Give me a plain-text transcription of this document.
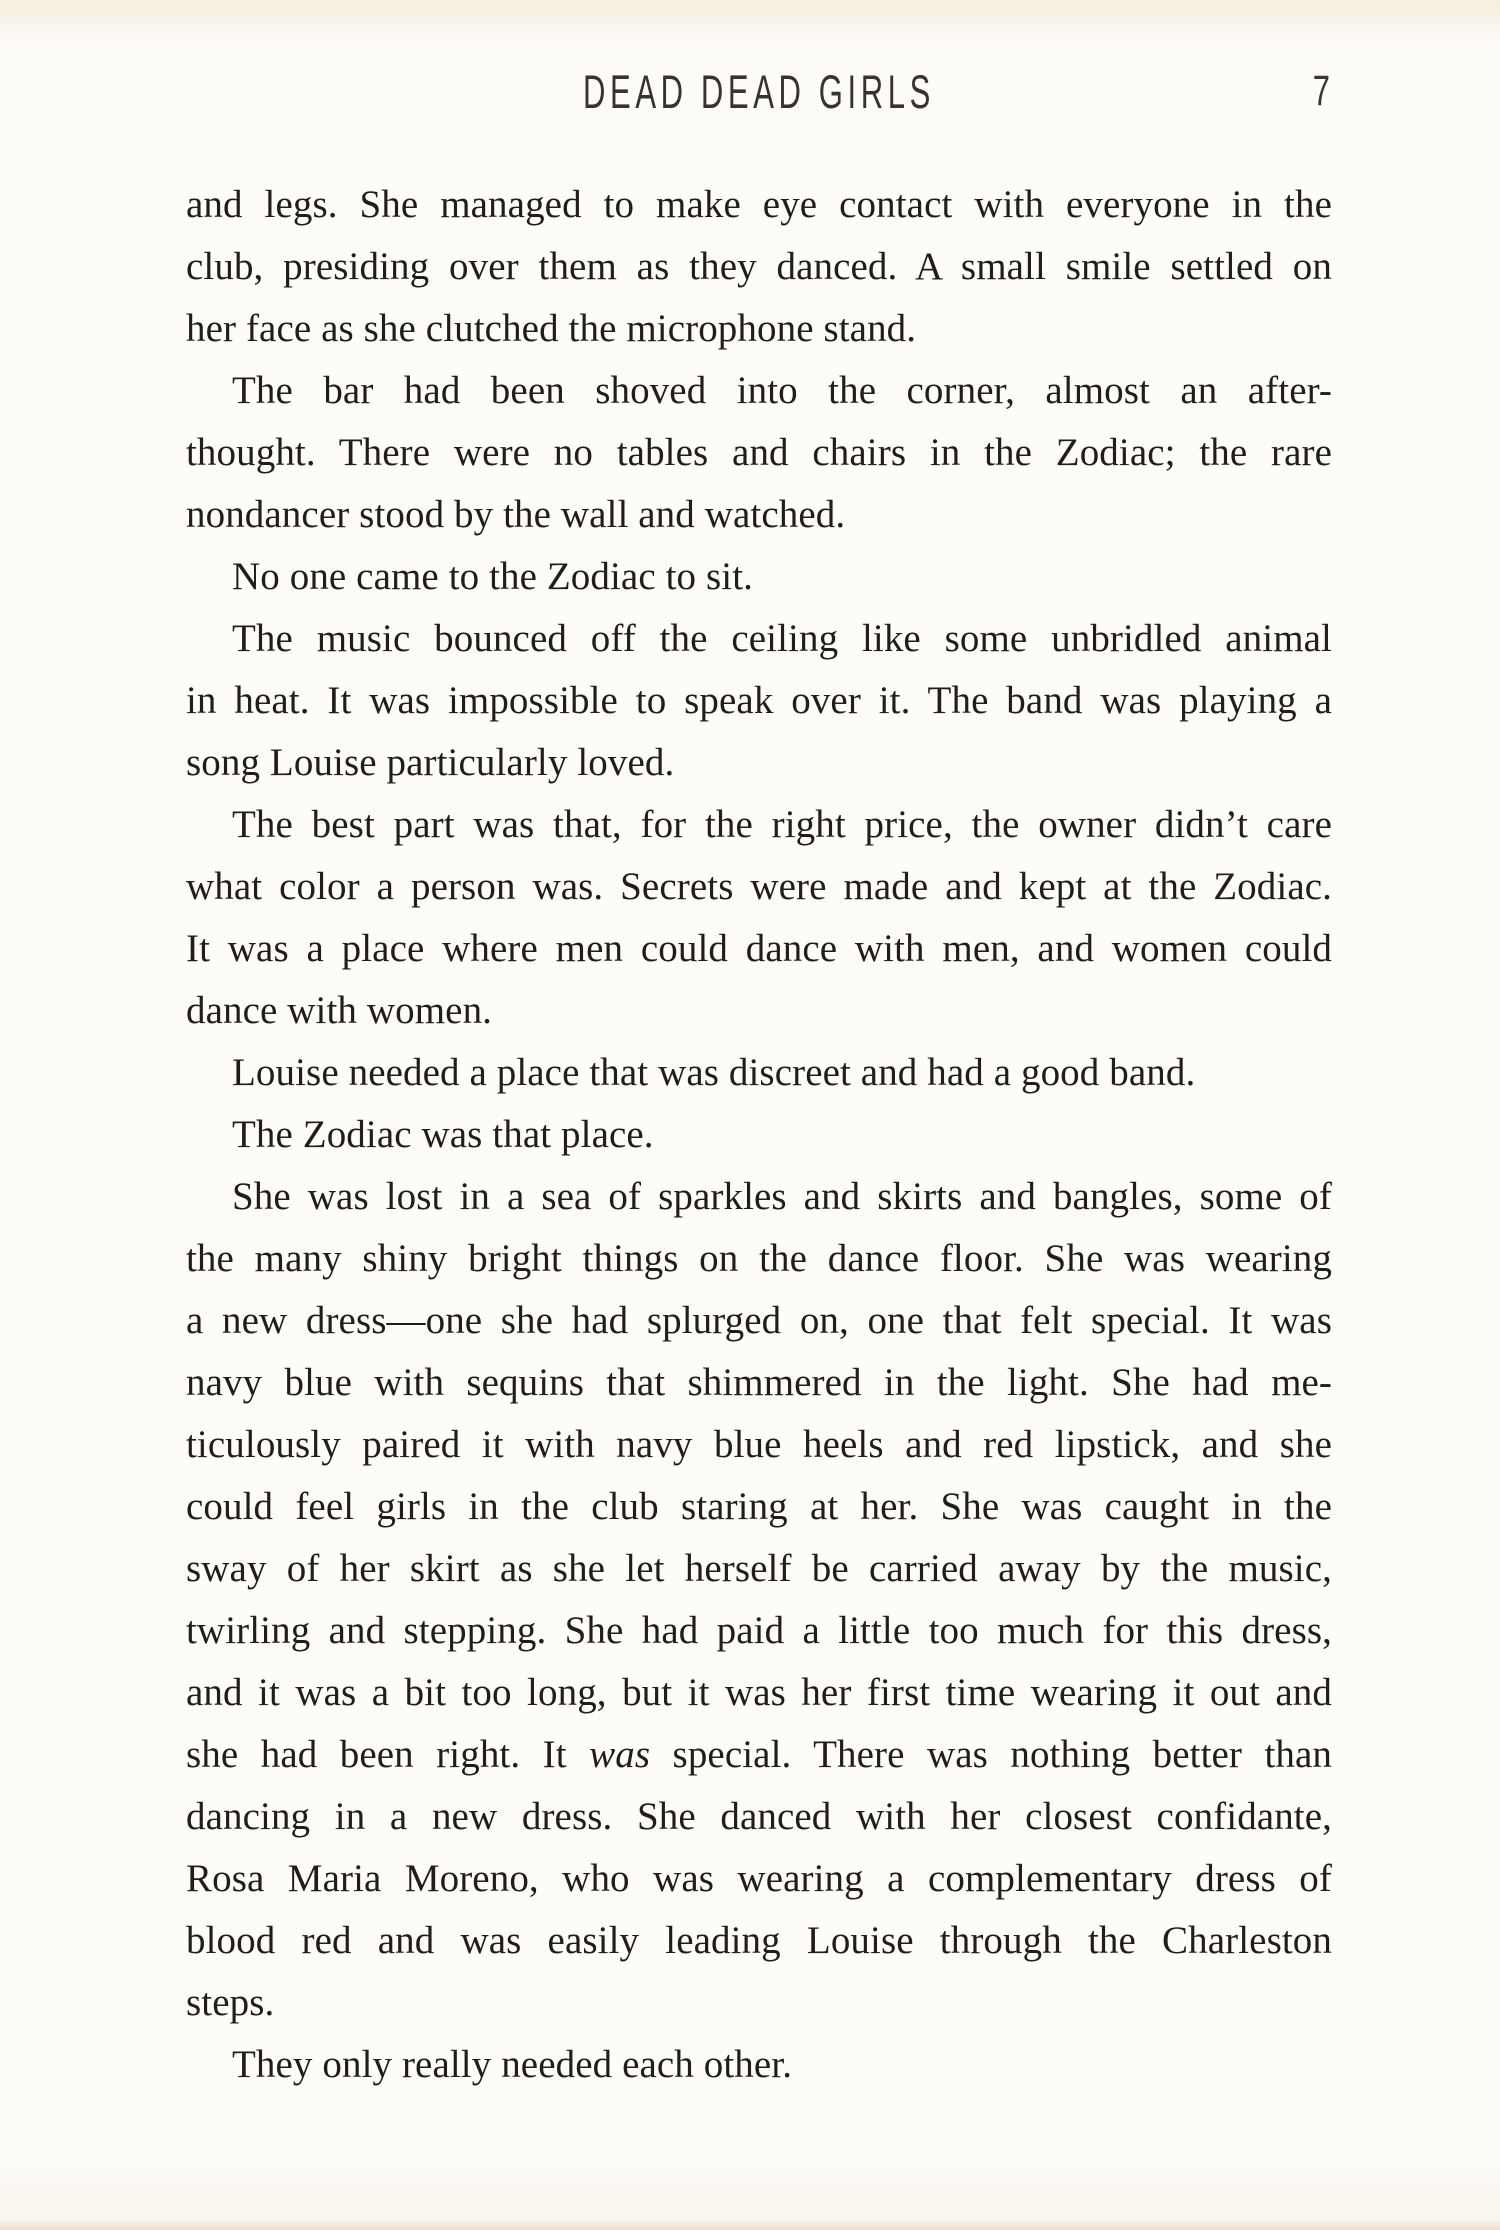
DEAD DEAD GIRLS	7
and legs. She managed to make eye contact with everyone in the
club, presiding over them as they danced. A small smile settled on
her face as she clutched the microphone stand.
The bar had been shoved into the corner, almost an after-
thought. There were no tables and chairs in the Zodiac; the rare
nondancer stood by the wall and watched.
No one came to the Zodiac to sit.
The music bounced off the ceiling like some unbridled animal
in heat. It was impossible to speak over it. The band was playing a
song Louise particularly loved.
The best part was that, for the right price, the owner didn’t care
what color a person was. Secrets were made and kept at the Zodiac.
It was a place where men could dance with men, and women could
dance with women.
Louise needed a place that was discreet and had a good band.
The Zodiac was that place.
She was lost in a sea of sparkles and skirts and bangles, some of
the many shiny bright things on the dance floor. She was wearing
a new dress—one she had splurged on, one that felt special. It was
navy blue with sequins that shimmered in the light. She had me-
ticulously paired it with navy blue heels and red lipstick, and she
could feel girls in the club staring at her. She was caught in the
sway of her skirt as she let herself be carried away by the music,
twirling and stepping. She had paid a little too much for this dress,
and it was a bit too long, but it was her first time wearing it out and
she had been right. It was special. There was nothing better than
dancing in a new dress. She danced with her closest confidante,
Rosa Maria Moreno, who was wearing a complementary dress of
blood red and was easily leading Louise through the Charleston
steps.
They only really needed each other.
